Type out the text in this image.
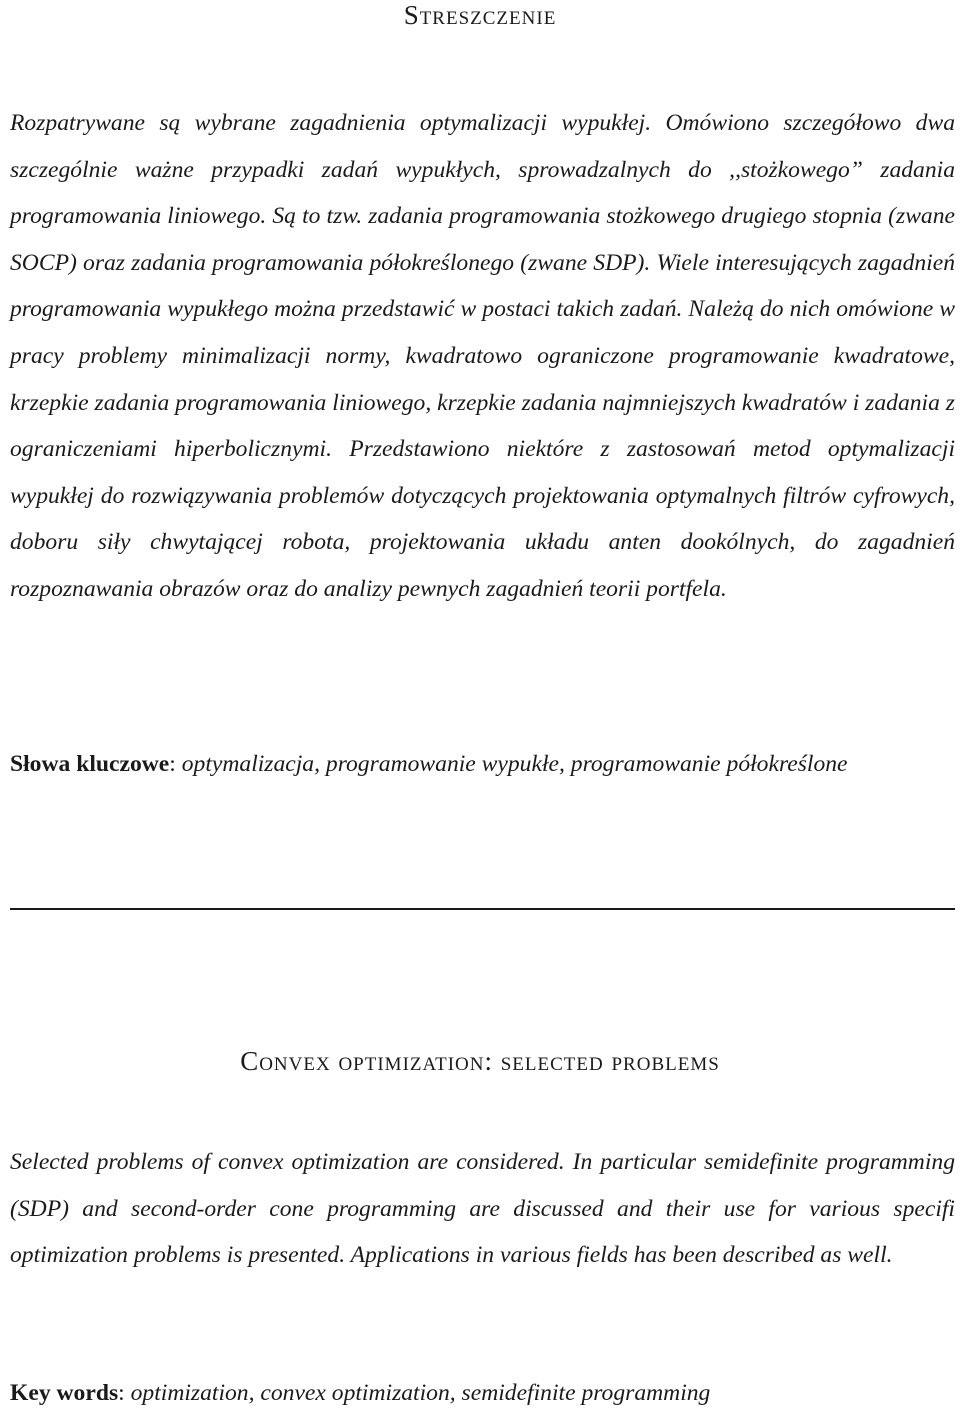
Streszczenie

Rozpatrywane są wybrane zagadnienia optymalizacji wypukłej. Omówiono szczegółowo dwa szczególnie ważne przypadki zadań wypukłych, sprowadzalnych do ,,stożkowego” zadania programowania liniowego. Są to tzw. zadania programowania stożkowego drugiego stopnia (zwane SOCP) oraz zadania programowania półokreślonego (zwane SDP). Wiele interesujących zagadnień programowania wypukłego można przedstawić w postaci takich zadań. Należą do nich omówione w pracy problemy minimalizacji normy, kwadratowo ograniczone programowanie kwadratowe, krzepkie zadania programowania liniowego, krzepkie zadania najmniejszych kwadratów i zadania z ograniczeniami hiperbolicznymi. Przedstawiono niektóre z zastosowań metod optymalizacji wypukłej do rozwiązywania problemów dotyczących projektowania optymalnych filtrów cyfrowych, doboru siły chwytającej robota, projektowania układu anten dookólnych, do zagadnień rozpoznawania obrazów oraz do analizy pewnych zagadnień teorii portfela.

Słowa kluczowe: optymalizacja, programowanie wypukłe, programowanie półokreślone

Convex optimization: selected problems

Selected problems of convex optimization are considered. In particular semidefinite programming (SDP) and second-order cone programming are discussed and their use for various specifi optimization problems is presented. Applications in various fields has been described as well.

Key words: optimization, convex optimization, semidefinite programming
